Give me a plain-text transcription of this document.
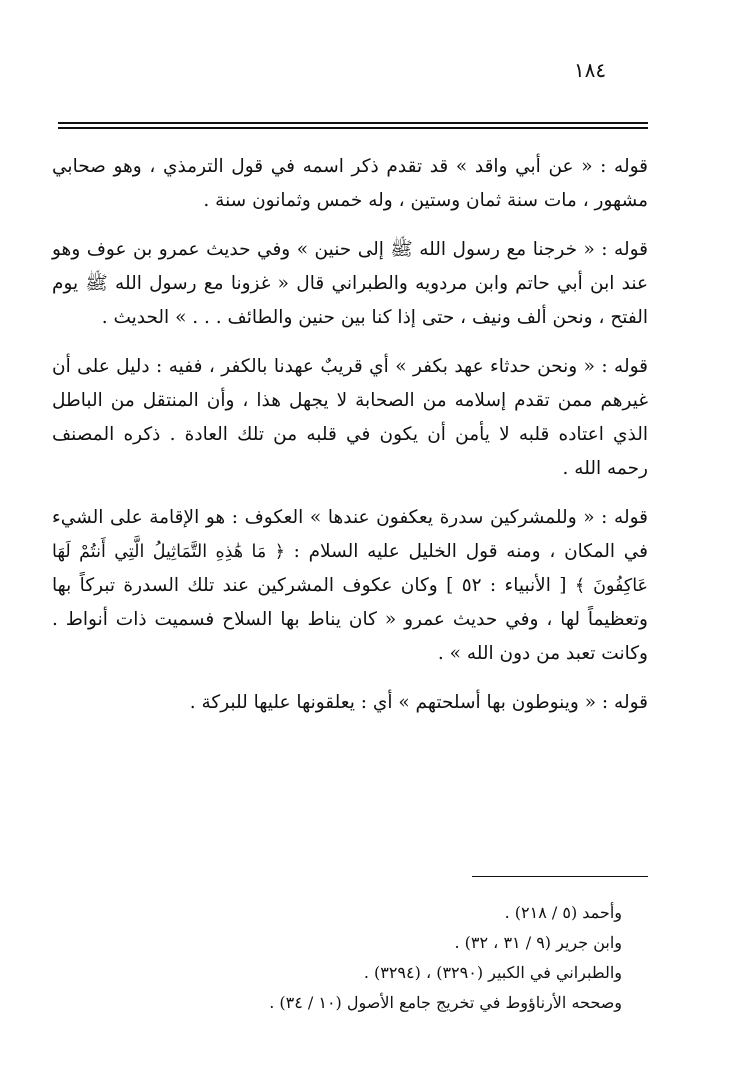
١٨٤

قوله : « عن أبي واقد » قد تقدم ذكر اسمه في قول الترمذي ، وهو صحابي مشهور ، مات سنة ثمان وستين ، وله خمس وثمانون سنة .

قوله : « خرجنا مع رسول الله ﷺ إلى حنين » وفي حديث عمرو بن عوف وهو عند ابن أبي حاتم وابن مردويه والطبراني قال « غزونا مع رسول الله ﷺ يوم الفتح ، ونحن ألف ونيف ، حتى إذا كنا بين حنين والطائف . . . » الحديث .

قوله : « ونحن حدثاء عهد بكفر » أي قريبٌ عهدنا بالكفر ، ففيه : دليل على أن غيرهم ممن تقدم إسلامه من الصحابة لا يجهل هذا ، وأن المنتقل من الباطل الذي اعتاده قلبه لا يأمن أن يكون في قلبه من تلك العادة . ذكره المصنف رحمه الله .

قوله : « وللمشركين سدرة يعكفون عندها » العكوف : هو الإقامة على الشيء في المكان ، ومنه قول الخليل عليه السلام : ﴿ مَا هَٰذِهِ التَّمَاثِيلُ الَّتِي أَنتُمْ لَهَا عَاكِفُونَ ﴾ [ الأنبياء : ٥٢ ] وكان عكوف المشركين عند تلك السدرة تبركاً بها وتعظيماً لها ، وفي حديث عمرو « كان يناط بها السلاح فسميت ذات أنواط . وكانت تعبد من دون الله » .

قوله : « وينوطون بها أسلحتهم » أي : يعلقونها عليها للبركة .

وأحمد (٥ / ٢١٨) .

وابن جرير (٩ / ٣١ ، ٣٢) .

والطبراني في الكبير (٣٢٩٠) ، (٣٢٩٤) .

وصححه الأرناؤوط في تخريج جامع الأصول (١٠ / ٣٤) .
